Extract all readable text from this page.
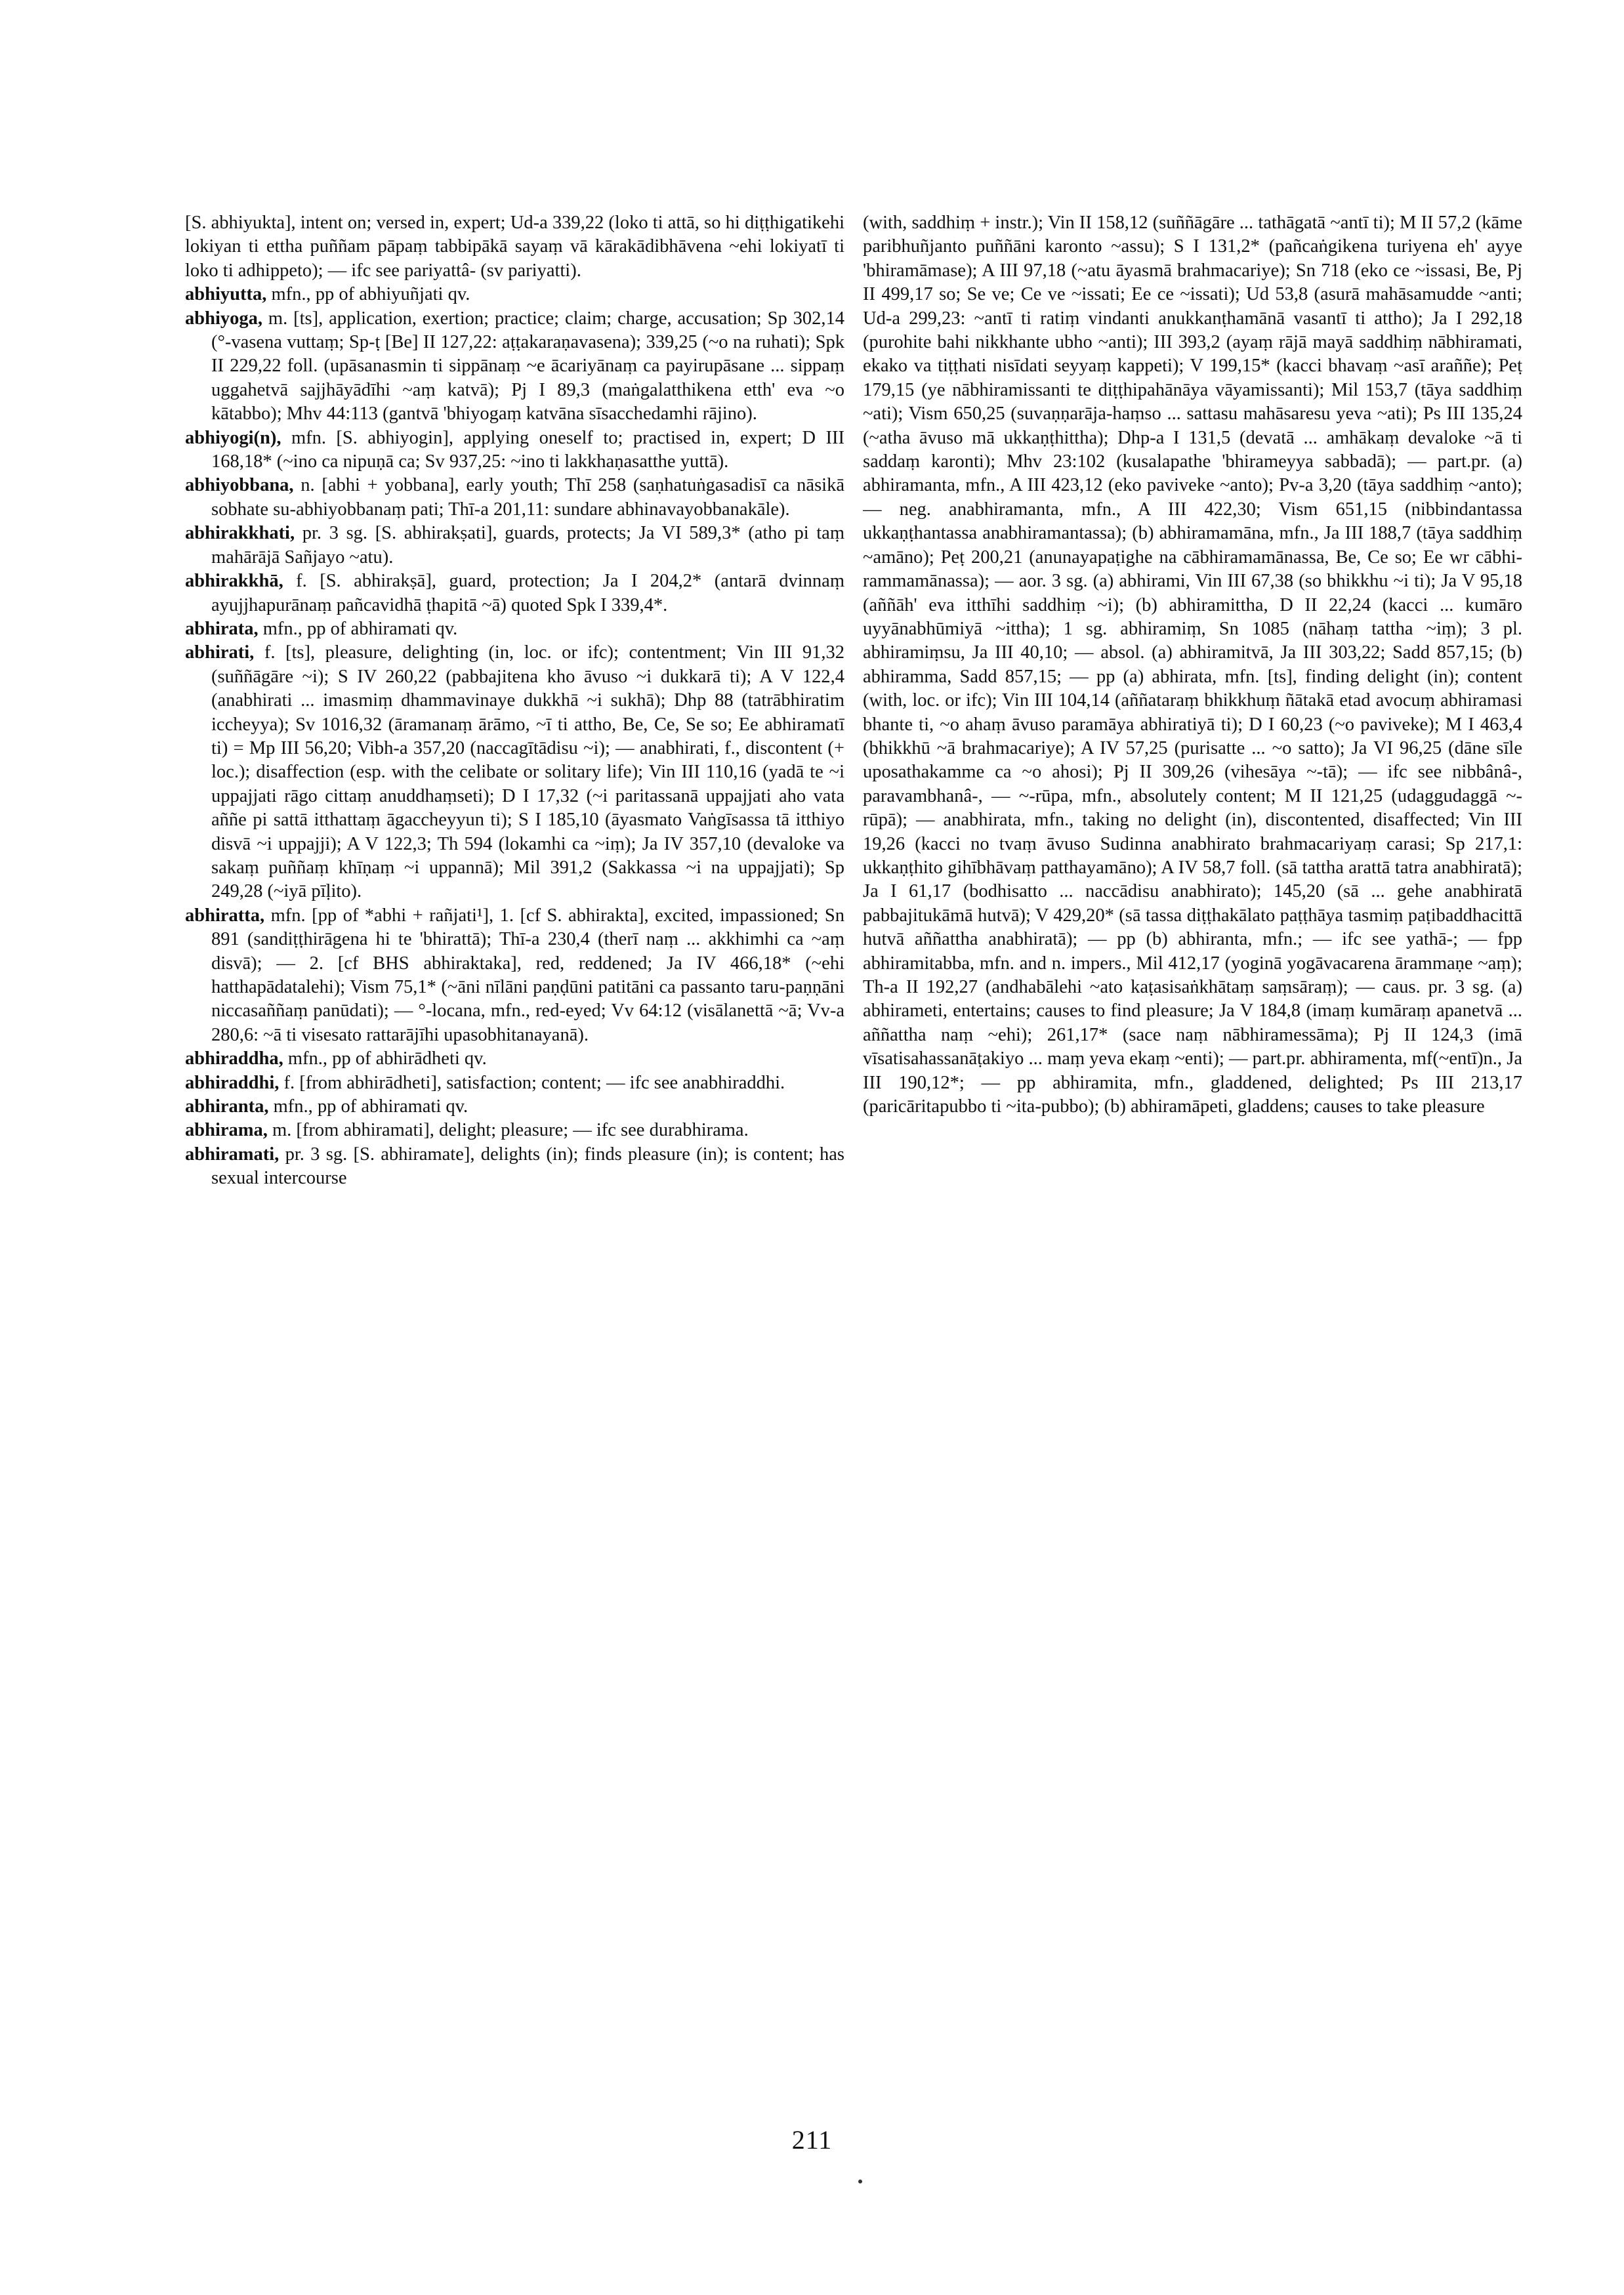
[S. abhiyukta], intent on; versed in, expert; Ud-a 339,22 (loko ti attā, so hi diṭṭhigatikehi lokiyan ti ettha puññam pāpaṃ tabbipākā sayaṃ vā kārakādibhāvena ~ehi lokiyatī ti loko ti adhippeto); — ifc see pariyattâ- (sv pariyatti).

abhiyutta, mfn., pp of abhiyuñjati qv.

abhiyoga, m. [ts], application, exertion; practice; claim; charge, accusation; Sp 302,14 (°-vasena vuttaṃ; Sp-ṭ [Be] II 127,22: aṭṭakaraṇavasena); 339,25 (~o na ruhati); Spk II 229,22 foll. (upāsanasmin ti sippānaṃ ~e ācariyānaṃ ca payirupāsane ... sippaṃ uggahetvā sajjhāyādīhi ~aṃ katvā); Pj I 89,3 (maṅgalatthikena etth' eva ~o kātabbo); Mhv 44:113 (gantvā 'bhiyogaṃ katvāna sīsacchedamhi rājino).

abhiyogi(n), mfn. [S. abhiyogin], applying oneself to; practised in, expert; D III 168,18* (~ino ca nipuṇā ca; Sv 937,25: ~ino ti lakkhaṇasatthe yuttā).

abhiyobbana, n. [abhi + yobbana], early youth; Thī 258 (saṇhatuṅgasadisī ca nāsikā sobhate su-abhiyobbanaṃ pati; Thī-a 201,11: sundare abhinavayobbanakāle).

abhirakkhati, pr. 3 sg. [S. abhirakṣati], guards, protects; Ja VI 589,3* (atho pi taṃ mahārājā Sañjayo ~atu).

abhirakkhā, f. [S. abhirakṣā], guard, protection; Ja I 204,2* (antarā dvinnaṃ ayujjhapurānaṃ pañcavidhā ṭhapitā ~ā) quoted Spk I 339,4*.

abhirata, mfn., pp of abhiramati qv.

abhirati, f. [ts], pleasure, delighting (in, loc. or ifc); contentment; Vin III 91,32 (suññāgāre ~i); S IV 260,22 (pabbajitena kho āvuso ~i dukkarā ti); A V 122,4 (anabhirati ... imasmiṃ dhammavinaye dukkhā ~i sukhā); Dhp 88 (tatrābhiratim iccheyya); Sv 1016,32 (āramanaṃ ārāmo, ~ī ti attho, Be, Ce, Se so; Ee abhiramatī ti) = Mp III 56,20; Vibh-a 357,20 (naccagītādisu ~i); — anabhirati, f., discontent (+ loc.); disaffection (esp. with the celibate or solitary life); Vin III 110,16 (yadā te ~i uppajjati rāgo cittaṃ anuddhaṃseti); D I 17,32 (~i paritassanā uppajjati aho vata aññe pi sattā itthattaṃ āgaccheyyun ti); S I 185,10 (āyasmato Vaṅgīsassa tā itthiyo disvā ~i uppajji); A V 122,3; Th 594 (lokamhi ca ~iṃ); Ja IV 357,10 (devaloke va sakaṃ puññaṃ khīṇaṃ ~i uppannā); Mil 391,2 (Sakkassa ~i na uppajjati); Sp 249,28 (~iyā pīḷito).

abhiratta, mfn. [pp of *abhi + rañjati¹], 1. [cf S. abhirakta], excited, impassioned; Sn 891 (sandiṭṭhirāgena hi te 'bhirattā); Thī-a 230,4 (therī naṃ ... akkhimhi ca ~aṃ disvā); — 2. [cf BHS abhiraktaka], red, reddened; Ja IV 466,18* (~ehi hatthapādatalehi); Vism 75,1* (~āni nīlāni paṇḍūni patitāni ca passanto taru-paṇṇāni niccasaññaṃ panūdati); — °-locana, mfn., red-eyed; Vv 64:12 (visālanettā ~ā; Vv-a 280,6: ~ā ti visesato rattarājīhi upasobhitanayanā).

abhiraddha, mfn., pp of abhirādheti qv.

abhiraddhi, f. [from abhirādheti], satisfaction; content; — ifc see anabhiraddhi.

abhiranta, mfn., pp of abhiramati qv.

abhirama, m. [from abhiramati], delight; pleasure; — ifc see durabhirama.

abhiramati, pr. 3 sg. [S. abhiramate], delights (in); finds pleasure (in); is content; has sexual intercourse

(with, saddhiṃ + instr.); Vin II 158,12 (suññāgāre ... tathāgatā ~antī ti); M II 57,2 (kāme paribhuñjanto puññāni karonto ~assu); S I 131,2* (pañcaṅgikena turiyena eh' ayye 'bhiramāmase); A III 97,18 (~atu āyasmā brahmacariye); Sn 718 (eko ce ~issasi, Be, Pj II 499,17 so; Se ve; Ce ve ~issati; Ee ce ~issati); Ud 53,8 (asurā mahāsamudde ~anti; Ud-a 299,23: ~antī ti ratiṃ vindanti anukkanṭhamānā vasantī ti attho); Ja I 292,18 (purohite bahi nikkhante ubho ~anti); III 393,2 (ayaṃ rājā mayā saddhiṃ nābhiramati, ekako va tiṭṭhati nisīdati seyyaṃ kappeti); V 199,15* (kacci bhavaṃ ~asī araññe); Peṭ 179,15 (ye nābhiramissanti te diṭṭhipahānāya vāyamissanti); Mil 153,7 (tāya saddhiṃ ~ati); Vism 650,25 (suvaṇṇarāja-haṃso ... sattasu mahāsaresu yeva ~ati); Ps III 135,24 (~atha āvuso mā ukkaṇṭhittha); Dhp-a I 131,5 (devatā ... amhākaṃ devaloke ~ā ti saddaṃ karonti); Mhv 23:102 (kusalapathe 'bhirameyya sabbadā); — part.pr. (a) abhiramanta, mfn., A III 423,12 (eko paviveke ~anto); Pv-a 3,20 (tāya saddhiṃ ~anto); — neg. anabhiramanta, mfn., A III 422,30; Vism 651,15 (nibbindantassa ukkaṇṭhantassa anabhiramantassa); (b) abhiramamāna, mfn., Ja III 188,7 (tāya saddhiṃ ~amāno); Peṭ 200,21 (anunayapaṭighe na cābhiramamānassa, Be, Ce so; Ee wr cābhi-rammamānassa); — aor. 3 sg. (a) abhirami, Vin III 67,38 (so bhikkhu ~i ti); Ja V 95,18 (aññāh' eva itthīhi saddhiṃ ~i); (b) abhiramittha, D II 22,24 (kacci ... kumāro uyyānabhūmiyā ~ittha); 1 sg. abhiramiṃ, Sn 1085 (nāhaṃ tattha ~iṃ); 3 pl. abhiramiṃsu, Ja III 40,10; — absol. (a) abhiramitvā, Ja III 303,22; Sadd 857,15; (b) abhiramma, Sadd 857,15; — pp (a) abhirata, mfn. [ts], finding delight (in); content (with, loc. or ifc); Vin III 104,14 (aññataraṃ bhikkhuṃ ñātakā etad avocuṃ abhiramasi bhante ti, ~o ahaṃ āvuso paramāya abhiratiyā ti); D I 60,23 (~o paviveke); M I 463,4 (bhikkhū ~ā brahmacariye); A IV 57,25 (purisatte ... ~o satto); Ja VI 96,25 (dāne sīle uposathakamme ca ~o ahosi); Pj II 309,26 (vihesāya ~-tā); — ifc see nibbânâ-, paravambhanâ-, — ~-rūpa, mfn., absolutely content; M II 121,25 (udaggudaggā ~-rūpā); — anabhirata, mfn., taking no delight (in), discontented, disaffected; Vin III 19,26 (kacci no tvaṃ āvuso Sudinna anabhirato brahmacariyaṃ carasi; Sp 217,1: ukkaṇṭhito gihībhāvaṃ patthayamāno); A IV 58,7 foll. (sā tattha arattā tatra anabhiratā); Ja I 61,17 (bodhisatto ... naccādisu anabhirato); 145,20 (sā ... gehe anabhiratā pabbajitukāmā hutvā); V 429,20* (sā tassa diṭṭhakālato paṭṭhāya tasmiṃ paṭibaddhacittā hutvā aññattha anabhiratā); — pp (b) abhiranta, mfn.; — ifc see yathā-; — fpp abhiramitabba, mfn. and n. impers., Mil 412,17 (yoginā yogāvacarena ārammaṇe ~aṃ); Th-a II 192,27 (andhabālehi ~ato kaṭasisaṅkhātaṃ saṃsāraṃ); — caus. pr. 3 sg. (a) abhirameti, entertains; causes to find pleasure; Ja V 184,8 (imaṃ kumāraṃ apanetvā ... aññattha naṃ ~ehi); 261,17* (sace naṃ nābhiramessāma); Pj II 124,3 (imā vīsatisahassanāṭakiyo ... maṃ yeva ekaṃ ~enti); — part.pr. abhiramenta, mf(~entī)n., Ja III 190,12*; — pp abhiramita, mfn., gladdened, delighted; Ps III 213,17 (paricāritapubbo ti ~ita-pubbo); (b) abhiramāpeti, gladdens; causes to take pleasure

211
